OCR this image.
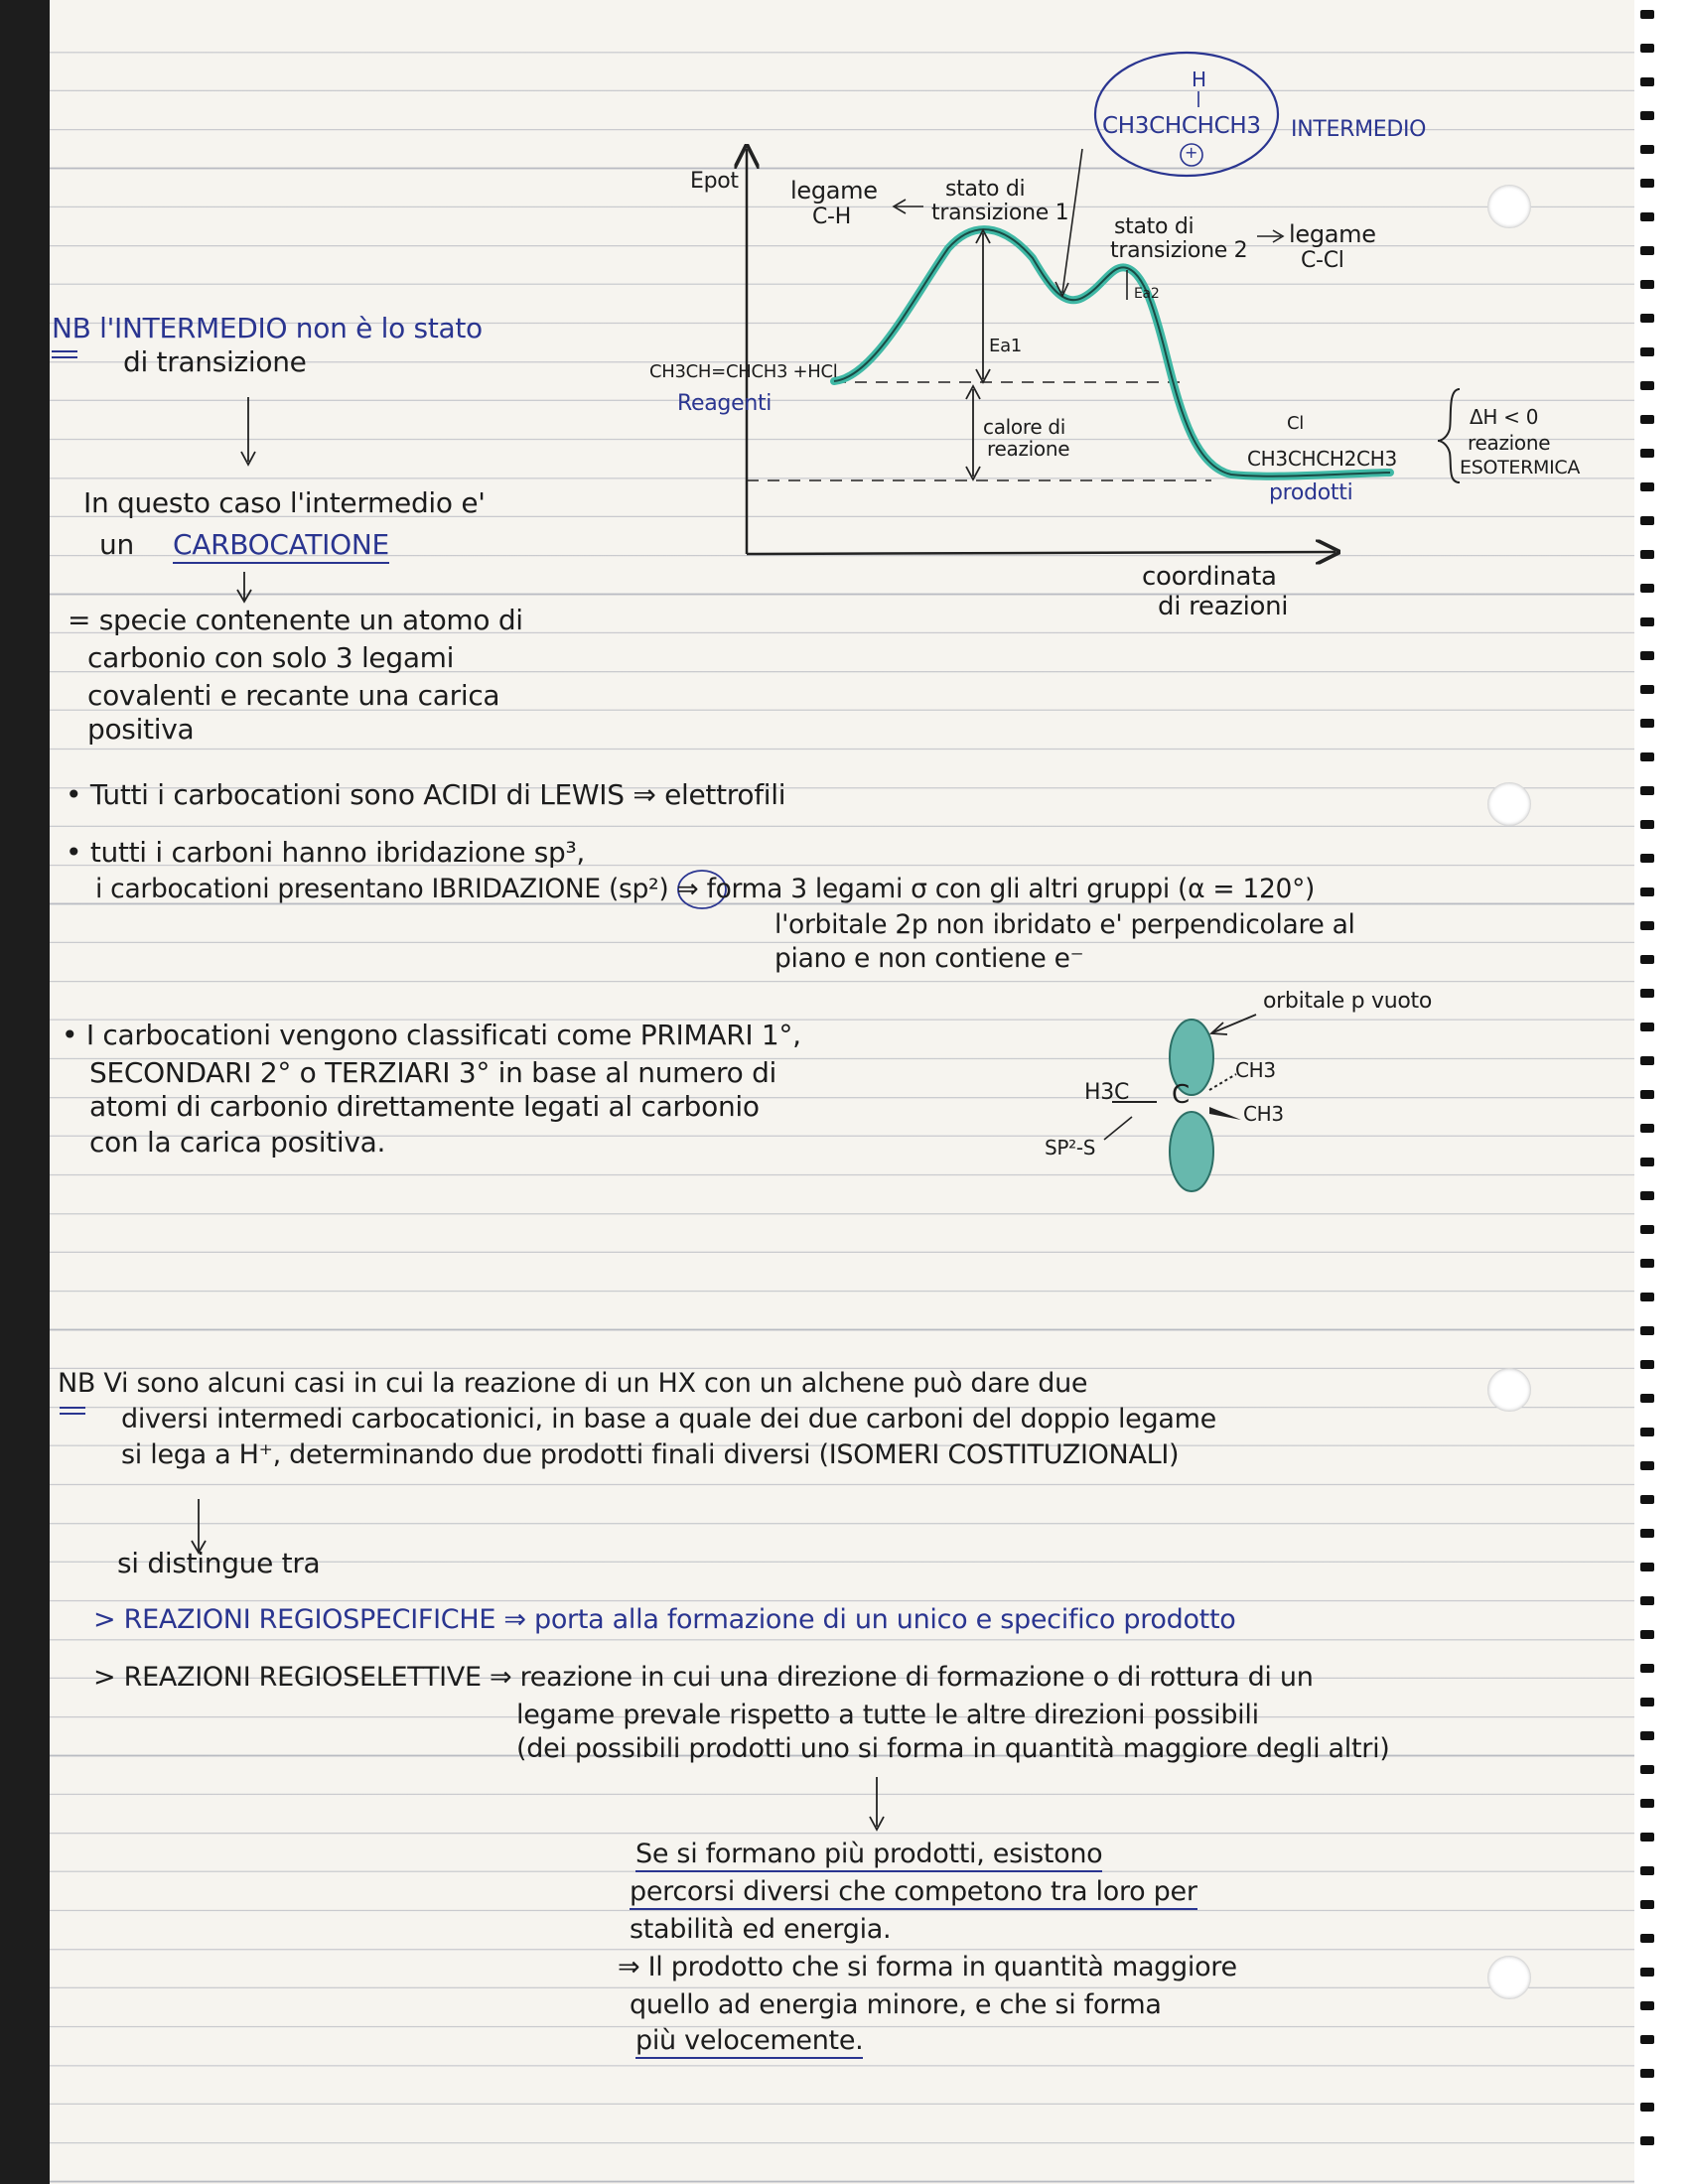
Epot legame
C-H
stato di
transizione 1
stato di
transizione 2
legame
C-Cl
Ea1
Ea2
CH3CH=CHCH3 +HCl
Reagenti
calore di
reazione
Cl
CH3CHCH2CH3
prodotti
coordinata
di reazioni
H
CH3CHCHCH3
+
INTERMEDIO
ΔH < 0
reazione
ESOTERMICA
NB l'INTERMEDIO non è lo stato
di transizione
In questo caso l'intermedio e'
un CARBOCATIONE
= specie contenente un atomo di
carbonio con solo 3 legami
covalenti e recante una carica
positiva
• Tutti i carbocationi sono ACIDI di LEWIS ⇒ elettrofili
• tutti i carboni hanno ibridazione sp³,
i carbocationi presentano IBRIDAZIONE (sp²) ⇒ forma 3 legami σ con gli altri gruppi (α = 120°)
l'orbitale 2p non ibridato e' perpendicolare al
piano e non contiene e⁻
• I carbocationi vengono classificati come PRIMARI 1°,
SECONDARI 2° o TERZIARI 3° in base al numero di
atomi di carbonio direttamente legati al carbonio
con la carica positiva.
orbitale p vuoto
H3C C
CH3
CH3
SP²-S
NB Vi sono alcuni casi in cui la reazione di un HX con un alchene può dare due
diversi intermedi carbocationici, in base a quale dei due carboni del doppio legame
si lega a H⁺, determinando due prodotti finali diversi (ISOMERI COSTITUZIONALI)
si distingue tra
> REAZIONI REGIOSPECIFICHE ⇒ porta alla formazione di un unico e specifico prodotto
> REAZIONI REGIOSELETTIVE ⇒ reazione in cui una direzione di formazione o di rottura di un
legame prevale rispetto a tutte le altre direzioni possibili
(dei possibili prodotti uno si forma in quantità maggiore degli altri)
Se si formano più prodotti, esistono
percorsi diversi che competono tra loro per
stabilità ed energia.
⇒ Il prodotto che si forma in quantità maggiore
quello ad energia minore, e che si forma
più velocemente.
